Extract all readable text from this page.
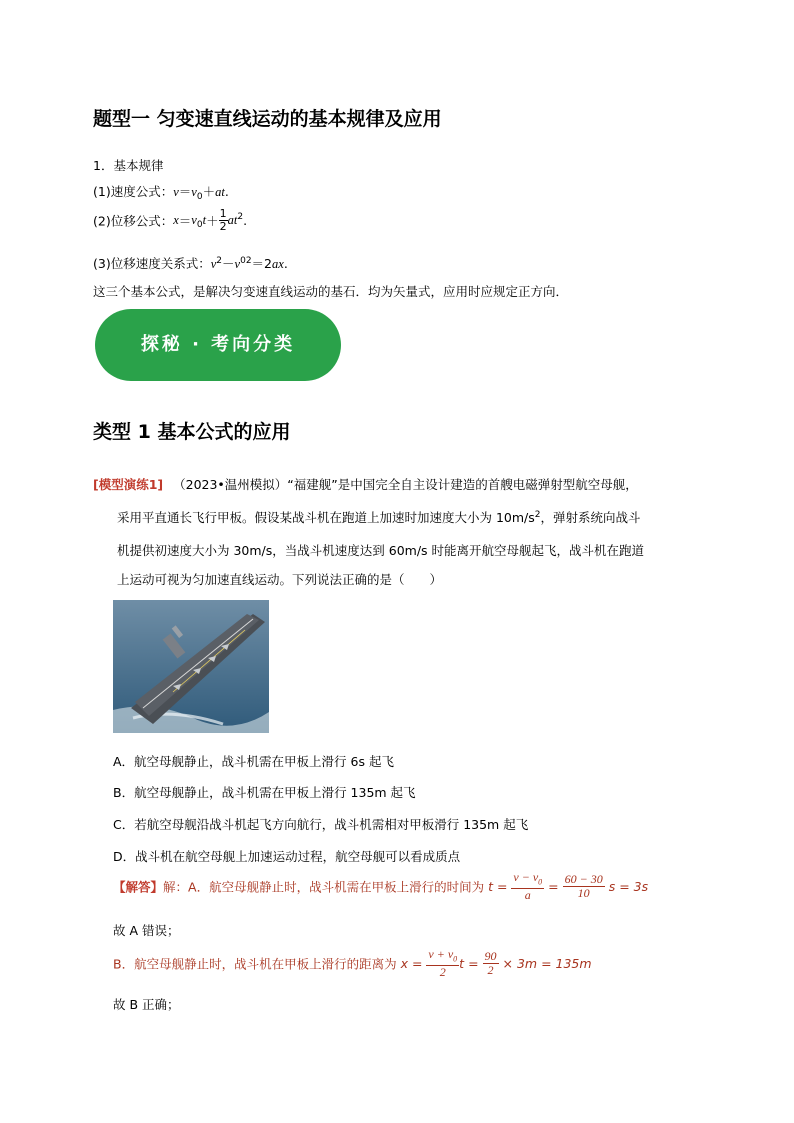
题型一 匀变速直线运动的基本规律及应用
1．基本规律
(1)速度公式：$v=v_0+at$.
(2)位移公式：$x=v_0t+ \frac{1}{2} at^2$.
(3)位移速度关系式：$v^2-v^{02}=2ax$.
这三个基本公式，是解决匀变速直线运动的基石．均为矢量式，应用时应规定正方向．
探秘 · 考向分类
类型 1 基本公式的应用
[模型演练1] （2023•温州模拟）“福建舰”是中国完全自主设计建造的首艘电磁弹射型航空母舰，
采用平直通长飞行甲板。假设某战斗机在跑道上加速时加速度大小为 $10m/s^2$，弹射系统向战斗
机提供初速度大小为 30m/s，当战斗机速度达到 60m/s 时能离开航空母舰起飞，战斗机在跑道
上运动可视为匀加速直线运动。下列说法正确的是（　　）
A．航空母舰静止，战斗机需在甲板上滑行 6s 起飞
B．航空母舰静止，战斗机需在甲板上滑行 135m 起飞
C．若航空母舰沿战斗机起飞方向航行，战斗机需相对甲板滑行 135m 起飞
D．战斗机在航空母舰上加速运动过程，航空母舰可以看成质点
【解答】解：A．航空母舰静止时，战斗机需在甲板上滑行的时间为 $t = \frac{v - v_0}{a} = \frac{60 - 30}{10}$ s = 3s
故 A 错误；
B．航空母舰静止时，战斗机在甲板上滑行的距离为 $x = \frac{v + v_0}{2}$ $t = \frac{90}{2} \times 3m = 135m$
故 B 正确；
